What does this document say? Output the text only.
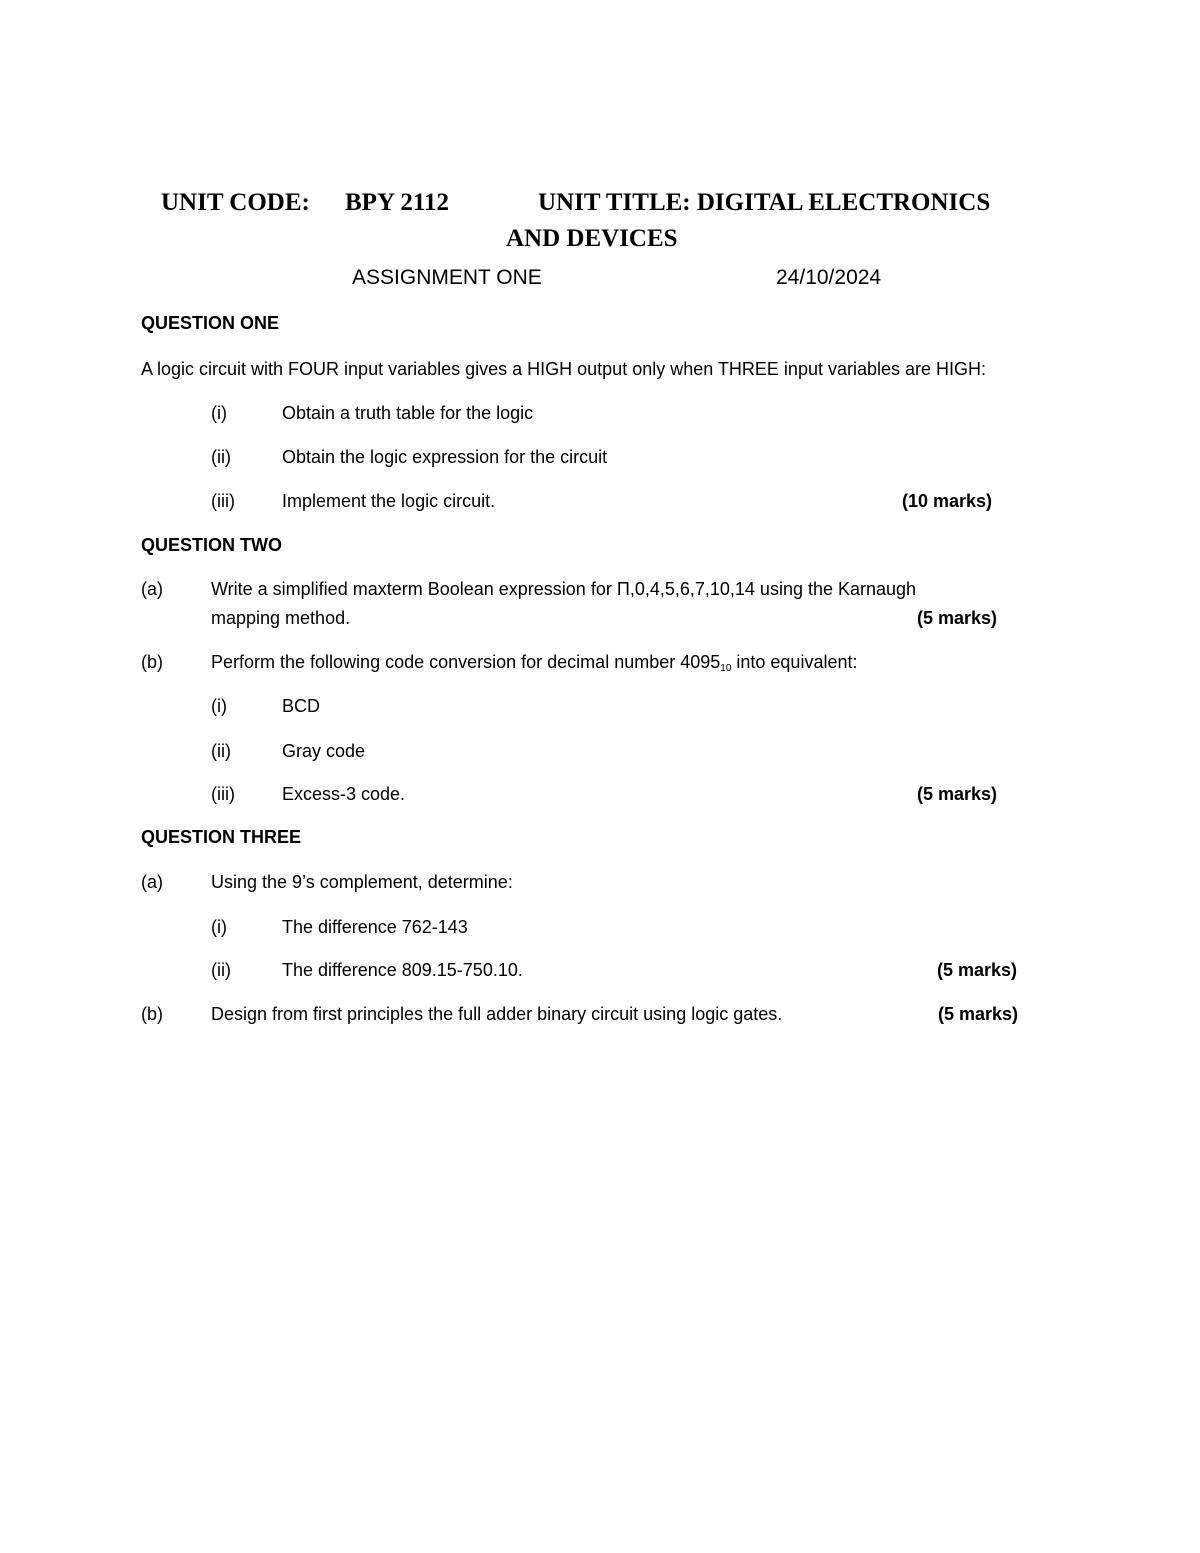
UNIT CODE: BPY 2112	UNIT TITLE: DIGITAL ELECTRONICS
AND DEVICES
ASSIGNMENT ONE	24/10/2024
QUESTION ONE
A logic circuit with FOUR input variables gives a HIGH output only when THREE input variables are HIGH:
(i)	Obtain a truth table for the logic
(ii)	Obtain the logic expression for the circuit
(iii)	Implement the logic circuit.	(10 marks)
QUESTION TWO
(a)	Write a simplified maxterm Boolean expression for Π,0,4,5,6,7,10,14 using the Karnaugh
mapping method.	(5 marks)
(b)	Perform the following code conversion for decimal number $4095_{10}$ into equivalent:
(i)	BCD
(ii)	Gray code
(iii)	Excess-3 code.	(5 marks)
QUESTION THREE
(a)	Using the 9’s complement, determine:
(i)	The difference 762-143
(ii)	The difference 809.15-750.10.	(5 marks)
(b)	Design from first principles the full adder binary circuit using logic gates.	(5 marks)
